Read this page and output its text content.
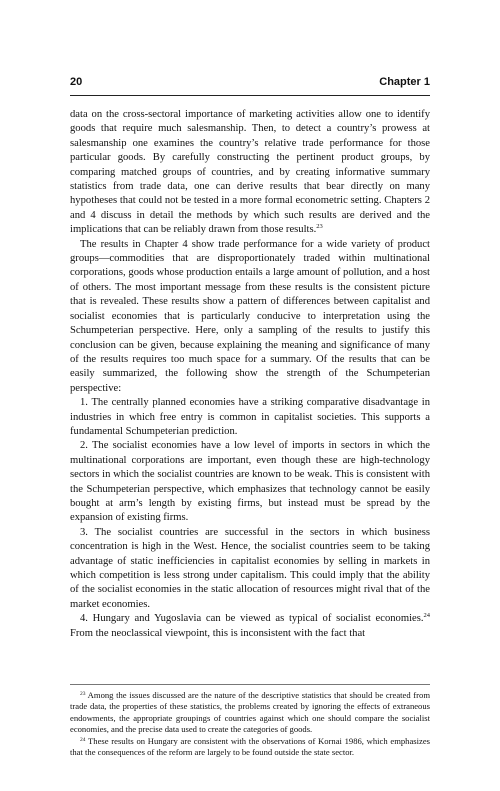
20	Chapter 1

data on the cross-sectoral importance of marketing activities allow one to identify goods that require much salesmanship. Then, to detect a country’s prowess at salesmanship one examines the country’s relative trade performance for those particular goods. By carefully constructing the pertinent product groups, by comparing matched groups of countries, and by creating informative summary statistics from trade data, one can derive results that bear directly on many hypotheses that could not be tested in a more formal econometric setting. Chapters 2 and 4 discuss in detail the methods by which such results are derived and the implications that can be reliably drawn from those results.$^{23}$

The results in Chapter 4 show trade performance for a wide variety of product groups—commodities that are disproportionately traded within multinational corporations, goods whose production entails a large amount of pollution, and a host of others. The most important message from these results is the consistent picture that is revealed. These results show a pattern of differences between capitalist and socialist economies that is particularly conducive to interpretation using the Schumpeterian perspective. Here, only a sampling of the results to justify this conclusion can be given, because explaining the meaning and significance of many of the results requires too much space for a summary. Of the results that can be easily summarized, the following show the strength of the Schumpeterian perspective:

1. The centrally planned economies have a striking comparative disadvantage in industries in which free entry is common in capitalist societies. This supports a fundamental Schumpeterian prediction.

2. The socialist economies have a low level of imports in sectors in which the multinational corporations are important, even though these are high-technology sectors in which the socialist countries are known to be weak. This is consistent with the Schumpeterian perspective, which emphasizes that technology cannot be easily bought at arm’s length by existing firms, but instead must be spread by the expansion of existing firms.

3. The socialist countries are successful in the sectors in which business concentration is high in the West. Hence, the socialist countries seem to be taking advantage of static inefficiencies in capitalist economies by selling in markets in which competition is less strong under capitalism. This could imply that the ability of the socialist economies in the static allocation of resources might rival that of the market economies.

4. Hungary and Yugoslavia can be viewed as typical of socialist economies.$^{24}$ From the neoclassical viewpoint, this is inconsistent with the fact that

$^{23}$ Among the issues discussed are the nature of the descriptive statistics that should be created from trade data, the properties of these statistics, the problems created by ignoring the effects of extraneous endowments, the appropriate groupings of countries against which one should compare the socialist economies, and the precise data used to create the categories of goods.

$^{24}$ These results on Hungary are consistent with the observations of Kornai 1986, which emphasizes that the consequences of the reform are largely to be found outside the state sector.
